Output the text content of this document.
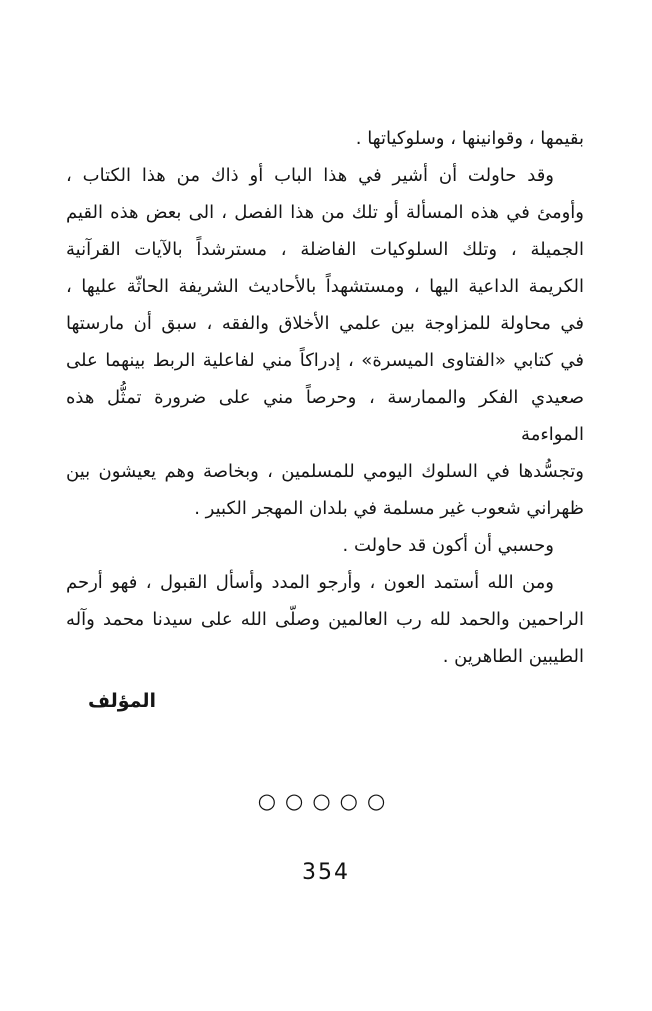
بقيمها ، وقوانينها ، وسلوكياتها .
وقد حاولت أن أشير في هذا الباب أو ذاك من هذا الكتاب ،
وأومئ في هذه المسألة أو تلك من هذا الفصل ، الى بعض هذه القيم
الجميلة ، وتلك السلوكيات الفاضلة ، مسترشداً بالآيات القرآنية
الكريمة الداعية اليها ، ومستشهداً بالأحاديث الشريفة الحاثّة عليها ،
في محاولة للمزاوجة بين علمي الأخلاق والفقه ، سبق أن مارستها
في كتابي «الفتاوى الميسرة» ، إدراكاً مني لفاعلية الربط بينهما على
صعيدي الفكر والممارسة ، وحرصاً مني على ضرورة تمثُّل هذه المواءمة
وتجسُّدها في السلوك اليومي للمسلمين ، وبخاصة وهم يعيشون بين
ظهراني شعوب غير مسلمة في بلدان المهجر الكبير .
وحسبي أن أكون قد حاولت .
ومن الله أستمد العون ، وأرجو المدد وأسأل القبول ، فهو أرحم
الراحمين والحمد لله رب العالمين وصلّى الله على سيدنا محمد وآله
الطيبين الطاهرين .
المؤلف
○○○○○
354
